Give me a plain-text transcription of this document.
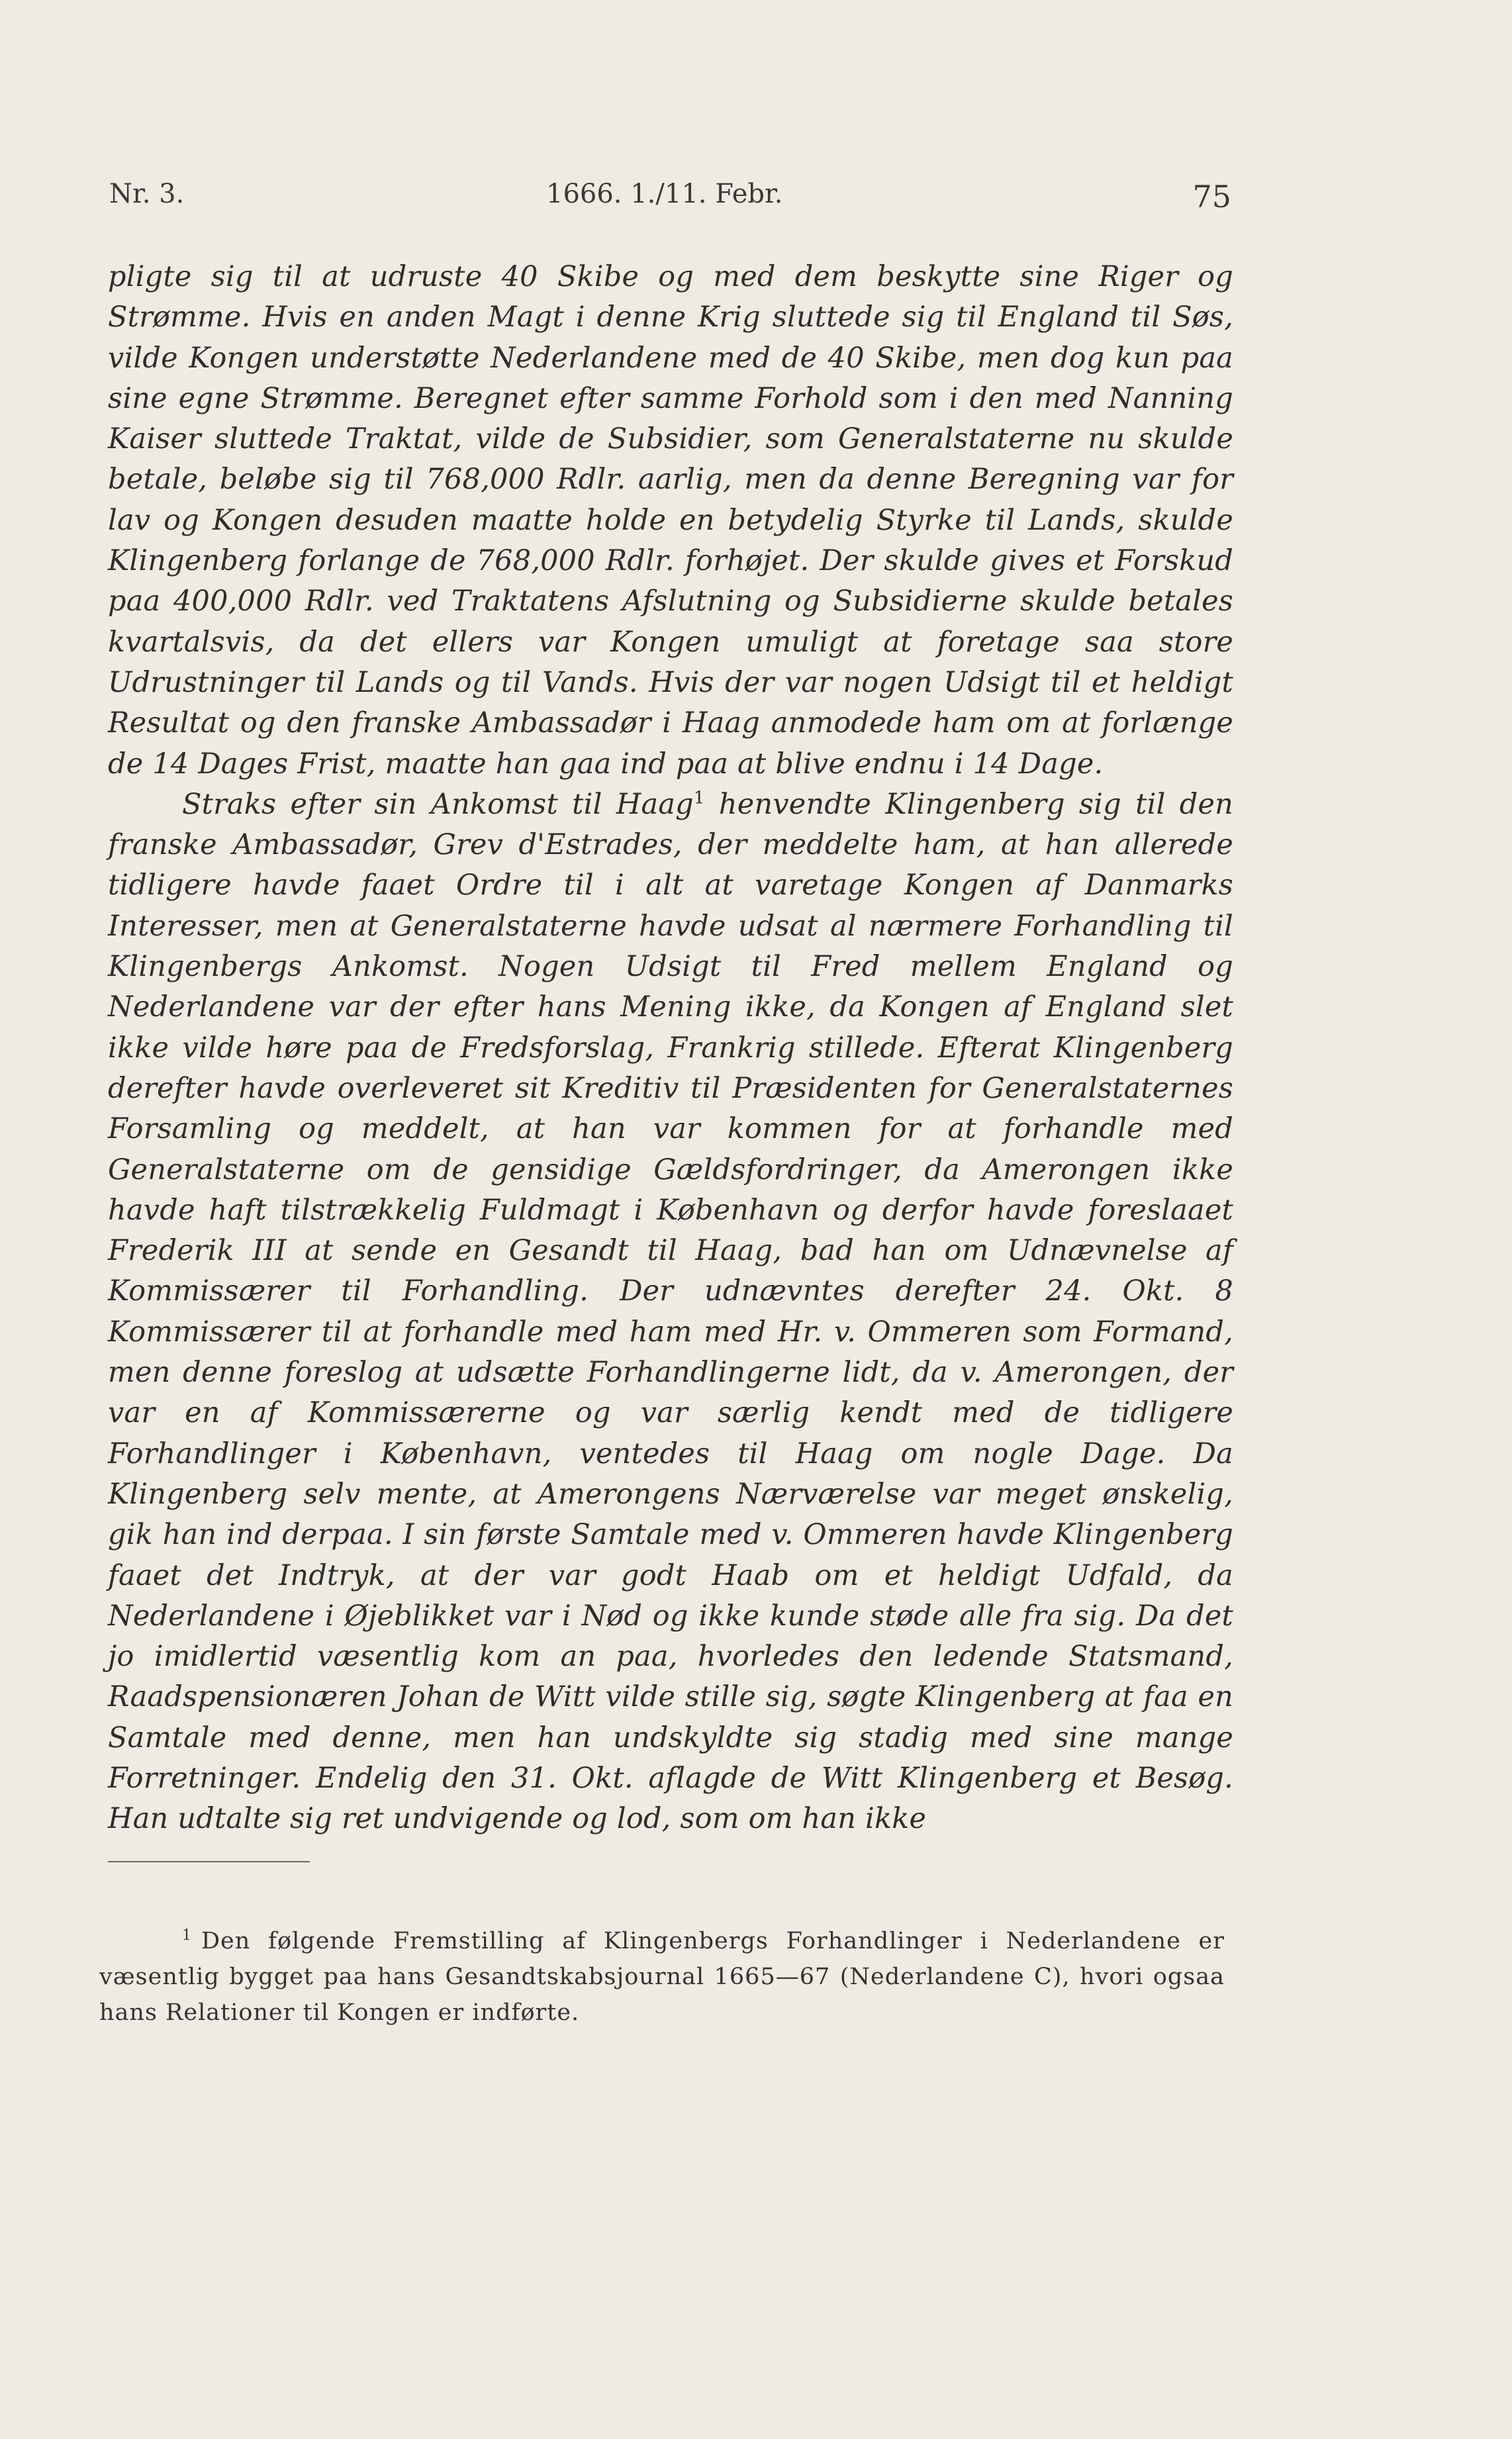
Nr. 3.	1666. 1./11. Febr.	75

pligte sig til at udruste 40 Skibe og med dem beskytte sine Riger og Strømme. Hvis en anden Magt i denne Krig sluttede sig til England til Søs, vilde Kongen understøtte Nederlandene med de 40 Skibe, men dog kun paa sine egne Strømme. Beregnet efter samme Forhold som i den med Nanning Kaiser sluttede Traktat, vilde de Subsidier, som Generalstaterne nu skulde betale, beløbe sig til 768,000 Rdlr. aarlig, men da denne Beregning var for lav og Kongen desuden maatte holde en betydelig Styrke til Lands, skulde Klingenberg forlange de 768,000 Rdlr. forhøjet. Der skulde gives et Forskud paa 400,000 Rdlr. ved Traktatens Afslutning og Subsidierne skulde betales kvartalsvis, da det ellers var Kongen umuligt at foretage saa store Udrustninger til Lands og til Vands. Hvis der var nogen Udsigt til et heldigt Resultat og den franske Ambassadør i Haag anmodede ham om at forlænge de 14 Dages Frist, maatte han gaa ind paa at blive endnu i 14 Dage.

Straks efter sin Ankomst til Haag$^1$ henvendte Klingenberg sig til den franske Ambassadør, Grev d'Estrades, der meddelte ham, at han allerede tidligere havde faaet Ordre til i alt at varetage Kongen af Danmarks Interesser, men at Generalstaterne havde udsat al nærmere Forhandling til Klingenbergs Ankomst. Nogen Udsigt til Fred mellem England og Nederlandene var der efter hans Mening ikke, da Kongen af England slet ikke vilde høre paa de Fredsforslag, Frankrig stillede. Efterat Klingenberg derefter havde overleveret sit Kreditiv til Præsidenten for Generalstaternes Forsamling og meddelt, at han var kommen for at forhandle med Generalstaterne om de gensidige Gældsfordringer, da Amerongen ikke havde haft tilstrækkelig Fuldmagt i København og derfor havde foreslaaet Frederik III at sende en Gesandt til Haag, bad han om Udnævnelse af Kommissærer til Forhandling. Der udnævntes derefter 24. Okt. 8 Kommissærer til at forhandle med ham med Hr. v. Ommeren som Formand, men denne foreslog at udsætte Forhandlingerne lidt, da v. Amerongen, der var en af Kommissærerne og var særlig kendt med de tidligere Forhandlinger i København, ventedes til Haag om nogle Dage. Da Klingenberg selv mente, at Amerongens Nærværelse var meget ønskelig, gik han ind derpaa. I sin første Samtale med v. Ommeren havde Klingenberg faaet det Indtryk, at der var godt Haab om et heldigt Udfald, da Nederlandene i Øjeblikket var i Nød og ikke kunde støde alle fra sig. Da det jo imidlertid væsentlig kom an paa, hvorledes den ledende Statsmand, Raadspensionæren Johan de Witt vilde stille sig, søgte Klingenberg at faa en Samtale med denne, men han undskyldte sig stadig med sine mange Forretninger. Endelig den 31. Okt. aflagde de Witt Klingenberg et Besøg. Han udtalte sig ret undvigende og lod, som om han ikke

$^1$ Den følgende Fremstilling af Klingenbergs Forhandlinger i Nederlandene er væsentlig bygget paa hans Gesandtskabsjournal 1665—67 (Nederlandene C), hvori ogsaa hans Relationer til Kongen er indførte.
